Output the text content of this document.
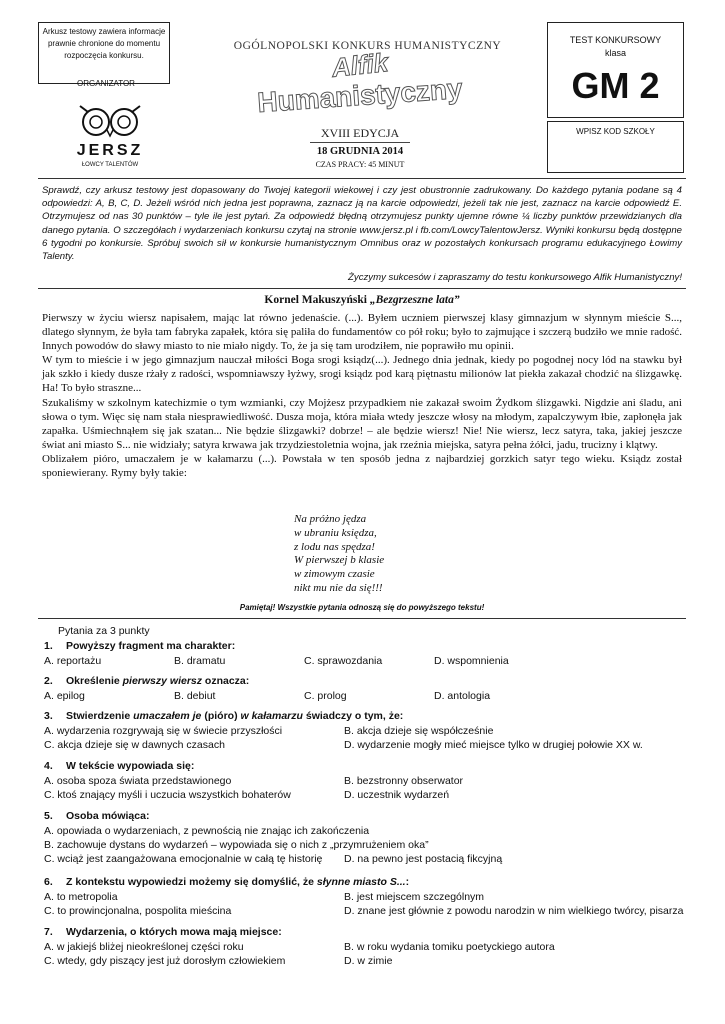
Arkusz testowy zawiera informacje prawnie chronione do momentu rozpoczęcia konkursu.
ORGANIZATOR
JERSZ
ŁOWCY TALENTÓW
OGÓLNOPOLSKI KONKURS HUMANISTYCZNY
Alfik
Humanistyczny
XVIII EDYCJA
18 GRUDNIA 2014
CZAS PRACY: 45 MINUT
TEST KONKURSOWY
klasa
GM 2
WPISZ KOD SZKOŁY
Sprawdź, czy arkusz testowy jest dopasowany do Twojej kategorii wiekowej i czy jest obustronnie zadrukowany. Do każdego pytania podane są 4 odpowiedzi: A, B, C, D. Jeżeli wśród nich jedna jest poprawna, zaznacz ją na karcie odpowiedzi, jeżeli tak nie jest, zaznacz na karcie odpowiedź E. Otrzymujesz od nas 30 punktów – tyle ile jest pytań. Za odpowiedź błędną otrzymujesz punkty ujemne równe ¼ liczby punktów przewidzianych dla danego pytania. O szczegółach i wydarzeniach konkursu czytaj na stronie www.jersz.pl i fb.com/LowcyTalentowJersz. Wyniki konkursu będą dostępne 6 tygodni po konkursie. Spróbuj swoich sił w konkursie humanistycznym Omnibus oraz w pozostałych konkursach programu edukacyjnego Łowimy Talenty.
Życzymy sukcesów i zapraszamy do testu konkursowego Alfik Humanistyczny!
Kornel Makuszyński „Bezgrzeszne lata”

Pierwszy w życiu wiersz napisałem, mając lat równo jedenaście. (...). Byłem uczniem pierwszej klasy gimnazjum w słynnym mieście S..., dlatego słynnym, że była tam fabryka zapałek, która się paliła do fundamentów co pół roku; było to zajmujące i szczerą budziło we mnie radość. Innych powodów do sławy miasto to nie miało nigdy. To, że ja się tam urodziłem, nie poprawiło mu opinii.

W tym to mieście i w jego gimnazjum nauczał miłości Boga srogi ksiądz(...). Jednego dnia jednak, kiedy po pogodnej nocy lód na stawku był jak szkło i kiedy dusze rżały z radości, wspomniawszy łyżwy, srogi ksiądz pod karą piętnastu milionów lat piekła zakazał chodzić na ślizgawkę. Ha! To było straszne...

Szukaliśmy w szkolnym katechizmie o tym wzmianki, czy Mojżesz przypadkiem nie zakazał swoim Żydkom ślizgawki. Nigdzie ani śladu, ani słowa o tym. Więc się nam stała niesprawiedliwość. Dusza moja, która miała wtedy jeszcze włosy na młodym, zapalczywym łbie, zapłonęła jak zapałka. Uśmiechnąłem się jak szatan... Nie będzie ślizgawki? dobrze! – ale będzie wiersz! Nie! Nie wiersz, lecz satyra, taka, jakiej jeszcze świat ani miasto S... nie widziały; satyra krwawa jak trzydziestoletnia wojna, jak rzeźnia miejska, satyra pełna żółci, jadu, trucizny i klątwy.

Oblizałem pióro, umaczałem je w kałamarzu (...). Powstała w ten sposób jedna z najbardziej gorzkich satyr tego wieku. Ksiądz został sponiewierany. Rymy były takie:

Na próżno jędza
w ubraniu księdza,
z lodu nas spędza!
W pierwszej b klasie
w zimowym czasie
nikt mu nie da się!!!
Pamiętaj! Wszystkie pytania odnoszą się do powyższego tekstu!
Pytania za 3 punkty
1. Powyższy fragment ma charakter:
A. reportażu	B. dramatu	C. sprawozdania	D. wspomnienia
2. Określenie pierwszy wiersz oznacza:
A. epilog	B. debiut	C. prolog	D. antologia
3. Stwierdzenie umaczałem je (pióro) w kałamarzu świadczy o tym, że:
A. wydarzenia rozgrywają się w świecie przyszłości	B. akcja dzieje się współcześnie
C. akcja dzieje się w dawnych czasach	D. wydarzenie mogły mieć miejsce tylko w drugiej połowie XX w.
4. W tekście wypowiada się:
A. osoba spoza świata przedstawionego	B. bezstronny obserwator
C. ktoś znający myśli i uczucia wszystkich bohaterów	D. uczestnik wydarzeń
5. Osoba mówiąca:
A. opowiada o wydarzeniach, z pewnością nie znając ich zakończenia
B. zachowuje dystans do wydarzeń – wypowiada się o nich z „przymrużeniem oka”
C. wciąż jest zaangażowana emocjonalnie w całą tę historię	D. na pewno jest postacią fikcyjną
6. Z kontekstu wypowiedzi możemy się domyślić, że słynne miasto S...:
A. to metropolia	B. jest miejscem szczególnym
C. to prowincjonalna, pospolita mieścina	D. znane jest głównie z powodu narodzin w nim wielkiego twórcy, pisarza
7. Wydarzenia, o których mowa mają miejsce:
A. w jakiejś bliżej nieokreślonej części roku	B. w roku wydania tomiku poetyckiego autora
C. wtedy, gdy piszący jest już dorosłym człowiekiem	D. w zimie
